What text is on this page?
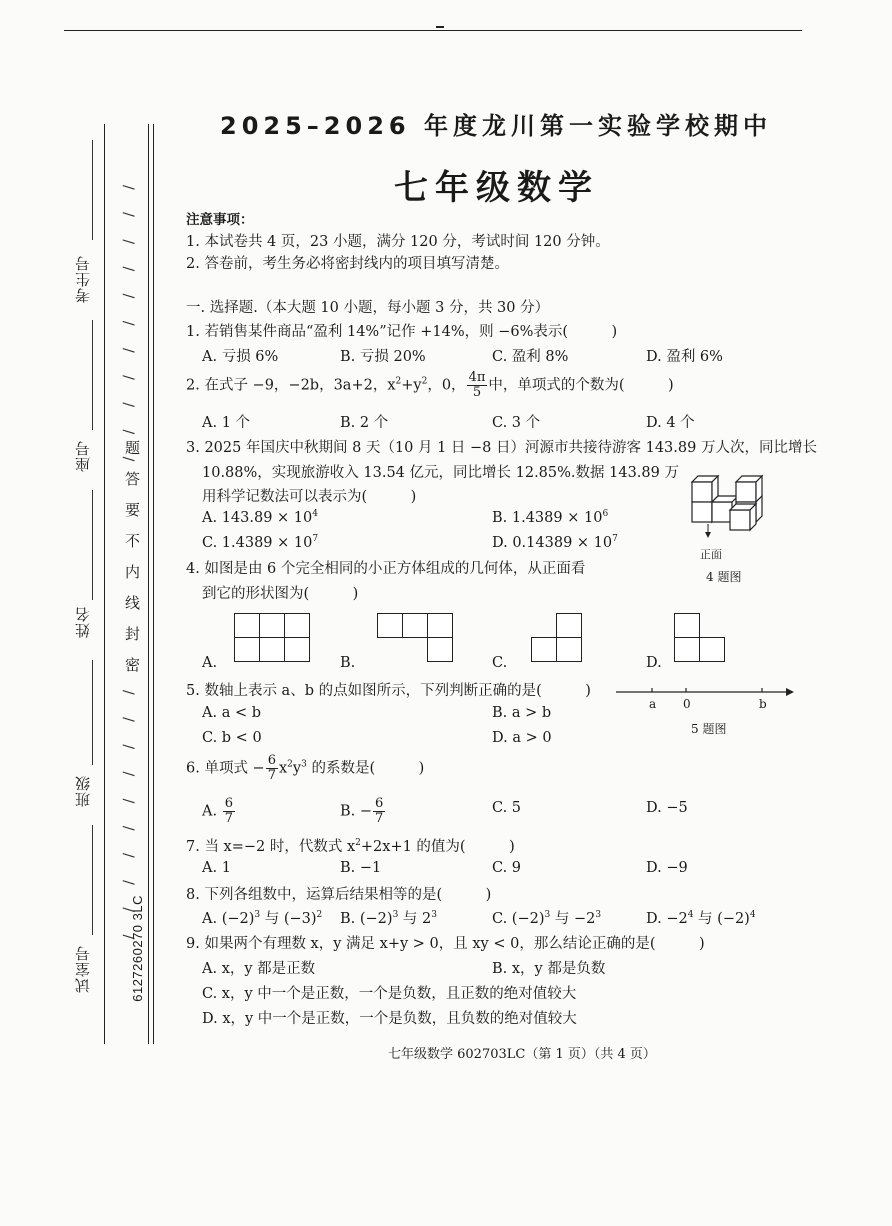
考生号
座号
姓名
班级
试室号
/ / / / / / / / / / /
题答要不内线封密
/ / / / / / / / / /
6127260270 3LC
2025–2026 年度龙川第一实验学校期中
七年级数学
注意事项：
1. 本试卷共 4 页，23 小题，满分 120 分，考试时间 120 分钟。
2. 答卷前，考生务必将密封线内的项目填写清楚。
一. 选择题.（本大题 10 小题，每小题 3 分，共 30 分）
1. 若销售某件商品“盈利 14%”记作 +14%，则 −6%表示(　　　)
A. 亏损 6%	B. 亏损 20%	C. 盈利 8%	D. 盈利 6%
2. 在式子 −9，−2b，3a+2，$x^2+y^2$，0， $\frac{4\pi}{5}$ 中，单项式的个数为(　　　)
A. 1 个	B. 2 个	C. 3 个	D. 4 个
3. 2025 年国庆中秋期间 8 天（10 月 1 日 −8 日）河源市共接待游客 143.89 万人次，同比增长
10.88%，实现旅游收入 13.54 亿元，同比增长 12.85%.数据 143.89 万
用科学记数法可以表示为(　　　)
A. $143.89 \times 10^4$	B. $1.4389 \times 10^6$
C. $1.4389 \times 10^7$	D. $0.14389 \times 10^7$
正面
4 题图
4. 如图是由 6 个完全相同的小正方体组成的几何体，从正面看
到它的形状图为(　　　)
A.	B.	C.	D.
5. 数轴上表示 a、b 的点如图所示，下列判断正确的是(　　　)
A. a < b	B. a > b
C. b < 0	D. a > 0
a 0	b
5 题图
6. 单项式 − $\frac{6}{7} x^2y^3$ 的系数是(　　　)
A. $\frac{6}{7}$	B. − $\frac{6}{7}$	C. 5	D. −5
7. 当 x=−2 时，代数式 $x^2+2x+1$ 的值为(　　　)
A. 1	B. −1	C. 9	D. −9
8. 下列各组数中，运算后结果相等的是(　　　)
A. $(-2)^3$ 与 $(-3)^2$ B. $(-2)^3$ 与 $2^3$	C. $(-2)^3$ 与 $-2^3$	D. $-2^4$ 与 $(-2)^4$
9. 如果两个有理数 x，y 满足 x+y > 0，且 xy < 0，那么结论正确的是(　　　)
A. x，y 都是正数	B. x，y 都是负数
C. x，y 中一个是正数，一个是负数，且正数的绝对值较大
D. x，y 中一个是正数，一个是负数，且负数的绝对值较大
七年级数学 602703LC（第 1 页）（共 4 页）
